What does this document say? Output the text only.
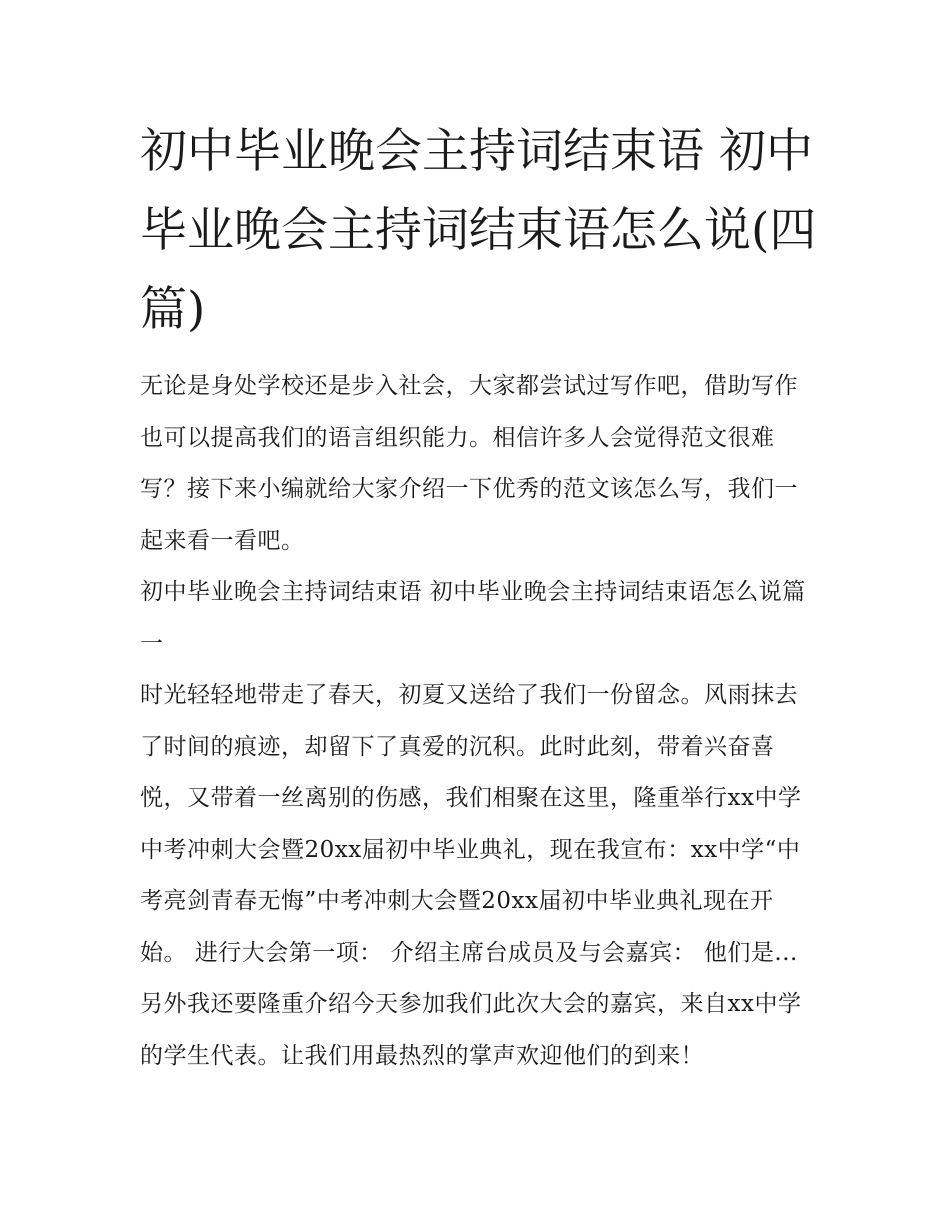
初中毕业晚会主持词结束语 初中毕业晚会主持词结束语怎么说(四篇)

无论是身处学校还是步入社会，大家都尝试过写作吧，借助写作也可以提高我们的语言组织能力。相信许多人会觉得范文很难写？接下来小编就给大家介绍一下优秀的范文该怎么写，我们一起来看一看吧。

初中毕业晚会主持词结束语 初中毕业晚会主持词结束语怎么说篇一

时光轻轻地带走了春天，初夏又送给了我们一份留念。风雨抹去了时间的痕迹，却留下了真爱的沉积。此时此刻，带着兴奋喜悦，又带着一丝离别的伤感，我们相聚在这里，隆重举行xx中学中考冲刺大会暨20xx届初中毕业典礼，现在我宣布：xx中学“中考亮剑青春无悔”中考冲刺大会暨20xx届初中毕业典礼现在开始。 进行大会第一项： 介绍主席台成员及与会嘉宾： 他们是...

另外我还要隆重介绍今天参加我们此次大会的嘉宾，来自xx中学的学生代表。让我们用最热烈的掌声欢迎他们的到来！
